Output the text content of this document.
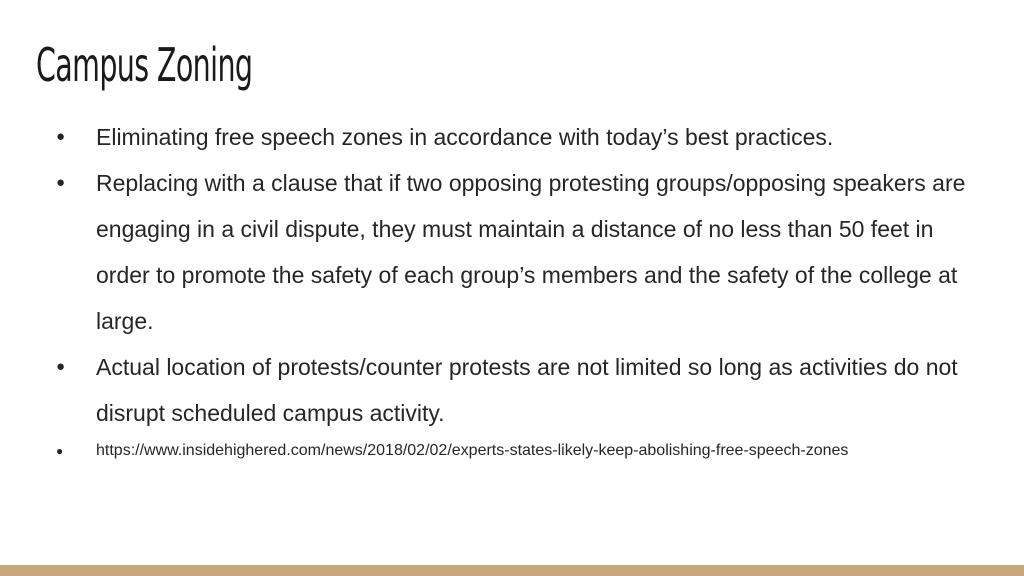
Campus Zoning
● Eliminating free speech zones in accordance with today’s best practices.
● Replacing with a clause that if two opposing protesting groups/opposing speakers are engaging in a civil dispute, they must maintain a distance of no less than 50 feet in order to promote the safety of each group’s members and the safety of the college at large.
● Actual location of protests/counter protests are not limited so long as activities do not disrupt scheduled campus activity.
● https://www.insidehighered.com/news/2018/02/02/experts-states-likely-keep-abolishing-free-speech-zones
